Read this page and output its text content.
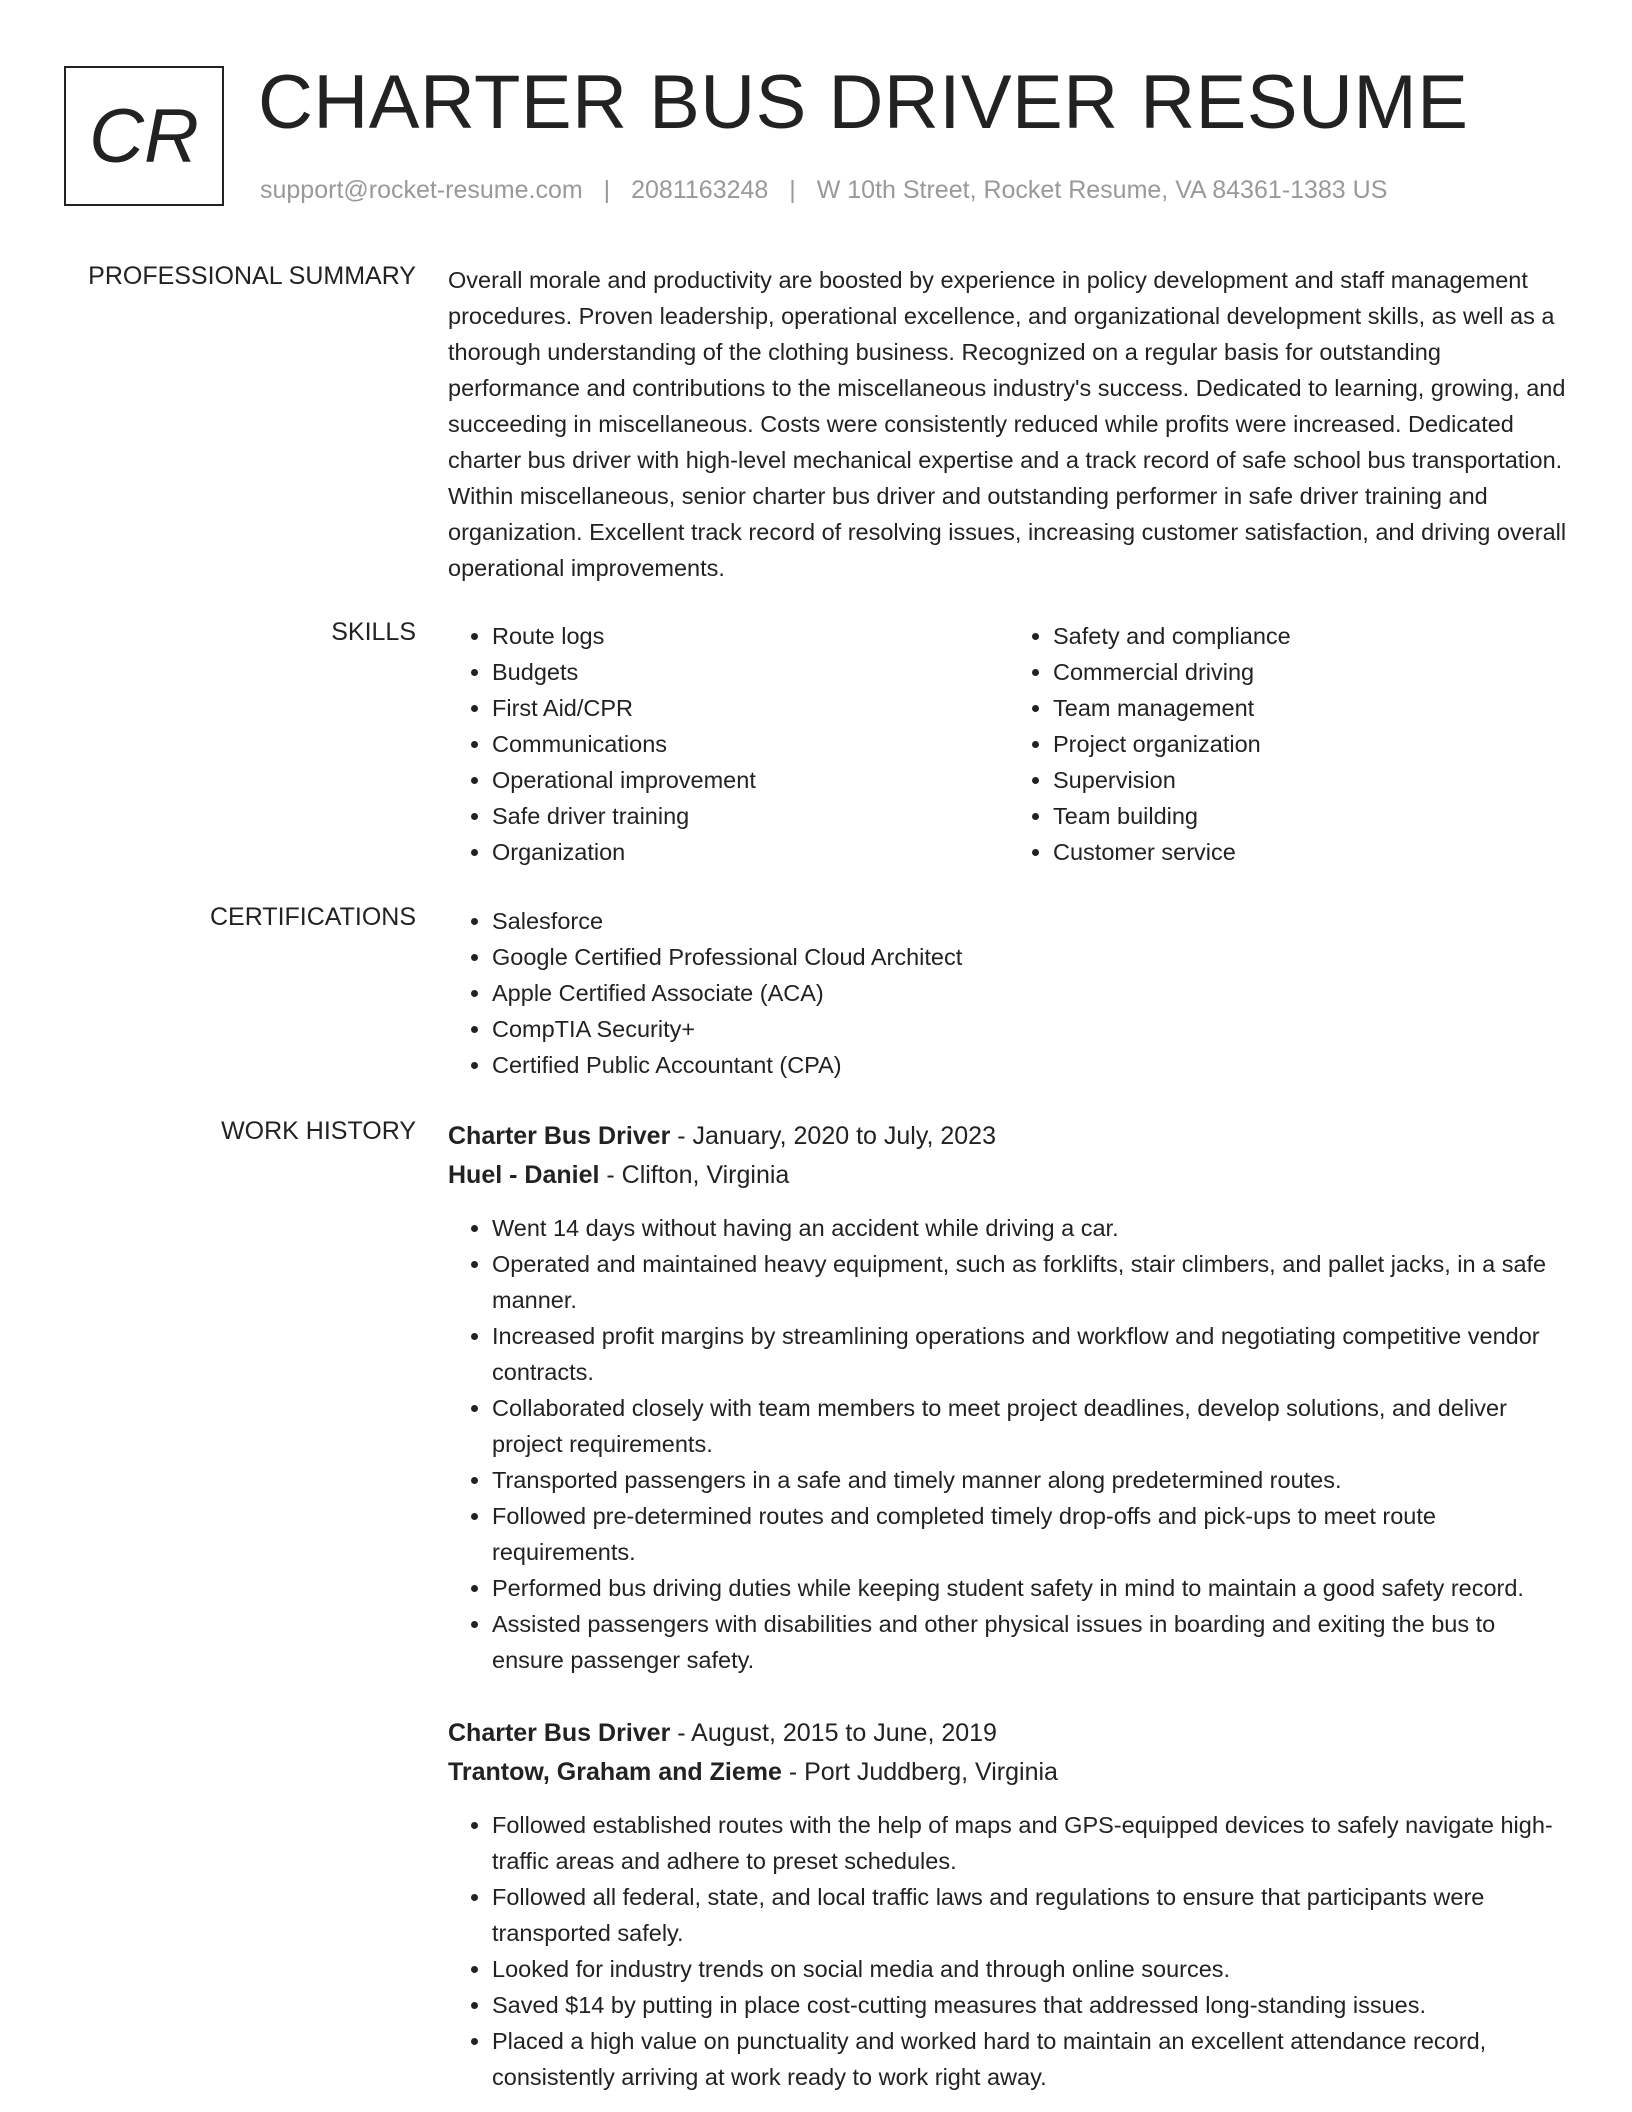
CR CHARTER BUS DRIVER RESUME
support@rocket-resume.com | 2081163248 | W 10th Street, Rocket Resume, VA 84361-1383 US
PROFESSIONAL SUMMARY Overall morale and productivity are boosted by experience in policy development and staff management procedures. Proven leadership, operational excellence, and organizational development skills, as well as a thorough understanding of the clothing business. Recognized on a regular basis for outstanding performance and contributions to the miscellaneous industry's success. Dedicated to learning, growing, and succeeding in miscellaneous. Costs were consistently reduced while profits were increased. Dedicated charter bus driver with high-level mechanical expertise and a track record of safe school bus transportation. Within miscellaneous, senior charter bus driver and outstanding performer in safe driver training and organization. Excellent track record of resolving issues, increasing customer satisfaction, and driving overall operational improvements.

SKILLS	• Route logs
• Budgets
• First Aid/CPR
• Communications
• Operational improvement
• Safe driver training
• Organization
• Safety and compliance
• Commercial driving
• Team management
• Project organization
• Supervision
• Team building
• Customer service
CERTIFICATIONS	• Salesforce
• Google Certified Professional Cloud Architect
• Apple Certified Associate (ACA)
• CompTIA Security+
• Certified Public Accountant (CPA)
WORK HISTORY Charter Bus Driver - January, 2020 to July, 2023
Huel - Daniel - Clifton, Virginia
• Went 14 days without having an accident while driving a car.
• Operated and maintained heavy equipment, such as forklifts, stair climbers, and pallet jacks, in a safe manner.
• Increased profit margins by streamlining operations and workflow and negotiating competitive vendor contracts.
• Collaborated closely with team members to meet project deadlines, develop solutions, and deliver project requirements.
• Transported passengers in a safe and timely manner along predetermined routes.
• Followed pre-determined routes and completed timely drop-offs and pick-ups to meet route requirements.
• Performed bus driving duties while keeping student safety in mind to maintain a good safety record.
• Assisted passengers with disabilities and other physical issues in boarding and exiting the bus to ensure passenger safety.
Charter Bus Driver - August, 2015 to June, 2019
Trantow, Graham and Zieme - Port Juddberg, Virginia
• Followed established routes with the help of maps and GPS-equipped devices to safely navigate high-traffic areas and adhere to preset schedules.
• Followed all federal, state, and local traffic laws and regulations to ensure that participants were transported safely.
• Looked for industry trends on social media and through online sources.
• Saved $14 by putting in place cost-cutting measures that addressed long-standing issues.
• Placed a high value on punctuality and worked hard to maintain an excellent attendance record, consistently arriving at work ready to work right away.
